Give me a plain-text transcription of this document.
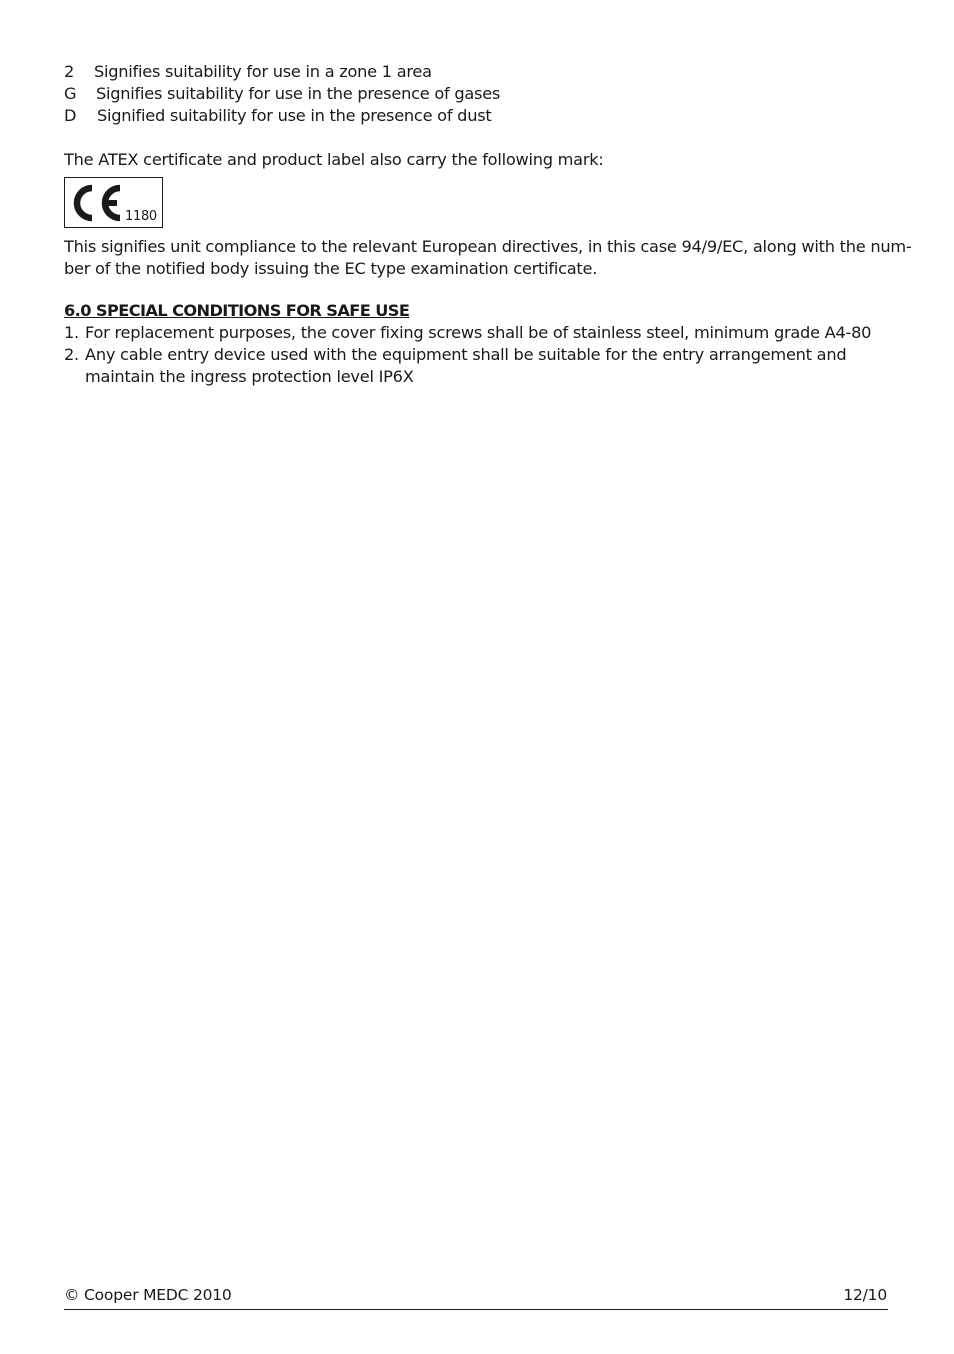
2 Signifies suitability for use in a zone 1 area
G Signifies suitability for use in the presence of gases
D Signified suitability for use in the presence of dust
The ATEX certificate and product label also carry the following mark:
1180
This signifies unit compliance to the relevant European directives, in this case 94/9/EC, along with the num-
ber of the notified body issuing the EC type examination certificate.
6.0 SPECIAL CONDITIONS FOR SAFE USE
1. For replacement purposes, the cover fixing screws shall be of stainless steel, minimum grade A4-80
2. Any cable entry device used with the equipment shall be suitable for the entry arrangement and maintain the ingress protection level IP6X
© Cooper MEDC 2010	12/10
